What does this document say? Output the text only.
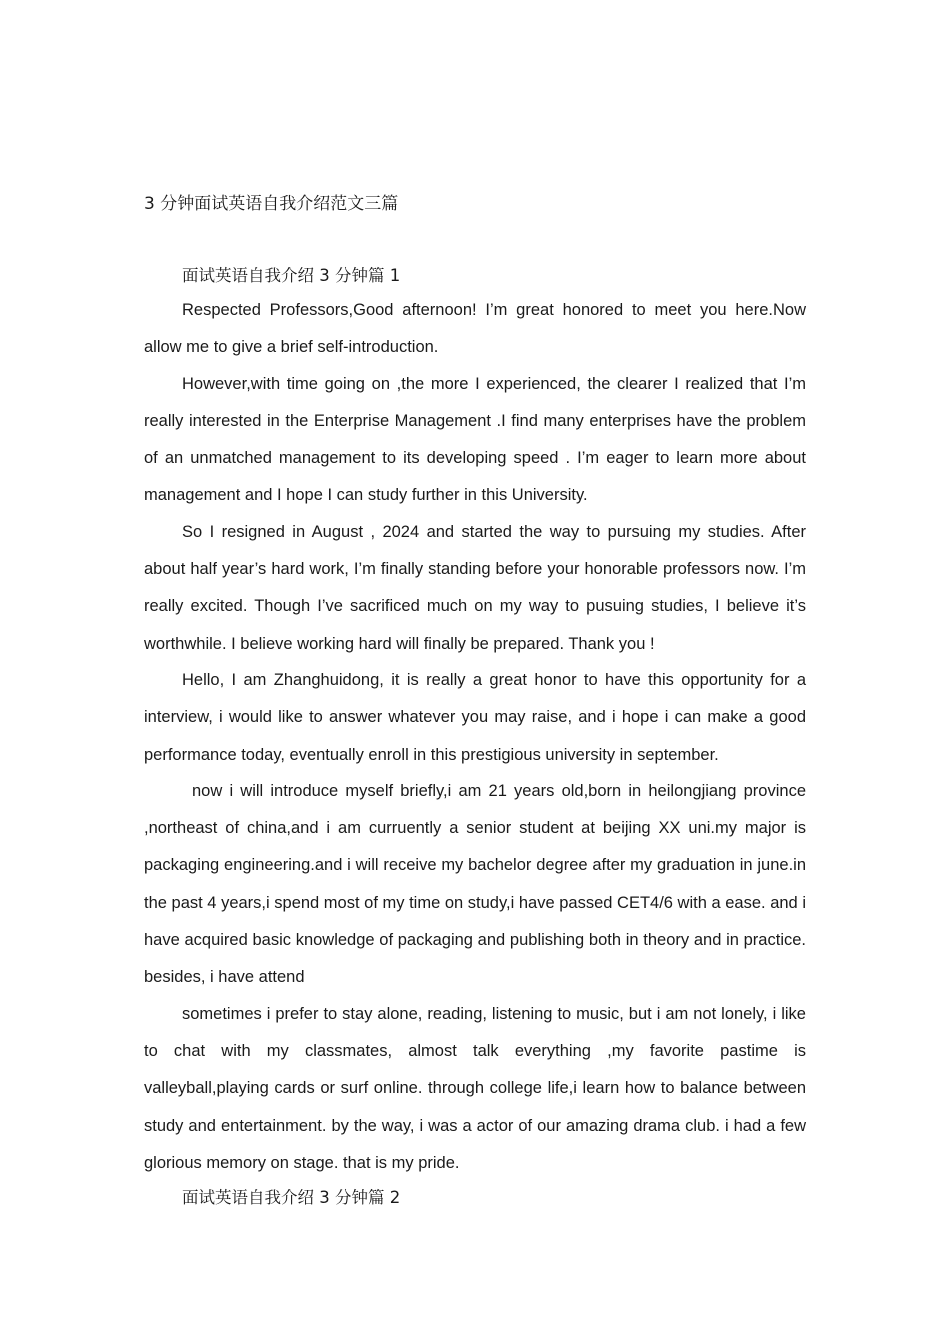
3 分钟面试英语自我介绍范文三篇
面试英语自我介绍 3 分钟篇 1

Respected Professors,Good afternoon! I’m great honored to meet you here.Now allow me to give a brief self-introduction.

However,with time going on ,the more I experienced, the clearer I realized that I’m really interested in the Enterprise Management .I find many enterprises have the problem of an unmatched management to its developing speed . I’m eager to learn more about management and I hope I can study further in this University.

So I resigned in August , 2024 and started the way to pursuing my studies. After about half year’s hard work, I’m finally standing before your honorable professors now. I’m really excited. Though I’ve sacrificed much on my way to pusuing studies, I believe it’s worthwhile. I believe working hard will finally be prepared. Thank you !

Hello, I am Zhanghuidong, it is really a great honor to have this opportunity for a interview, i would like to answer whatever you may raise, and i hope i can make a good performance today, eventually enroll in this prestigious university in september.

now i will introduce myself briefly,i am 21 years old,born in heilongjiang province ,northeast of china,and i am curruently a senior student at beijing XX uni.my major is packaging engineering.and i will receive my bachelor degree after my graduation in june.in the past 4 years,i spend most of my time on study,i have passed CET4/6 with a ease. and i have acquired basic knowledge of packaging and publishing both in theory and in practice. besides, i have attend

sometimes i prefer to stay alone, reading, listening to music, but i am not lonely, i like to chat with my classmates, almost talk everything ,my favorite pastime is valleyball,playing cards or surf online. through college life,i learn how to balance between study and entertainment. by the way, i was a actor of our amazing drama club. i had a few glorious memory on stage. that is my pride.

面试英语自我介绍 3 分钟篇 2
